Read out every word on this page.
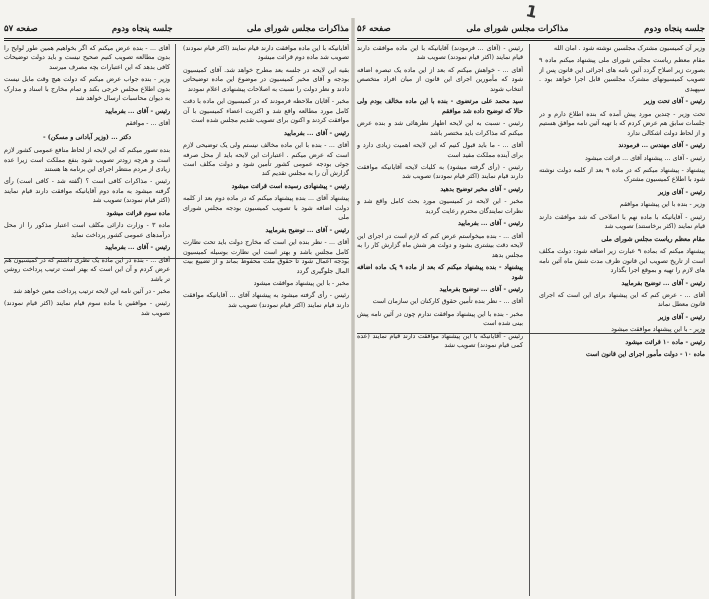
1
مذاکرات مجلس شورای ملی
جلسه پنجاه ودوم
صفحه ۵۷

آقایانیکه با این ماده موافقت دارند قیام نمایند (اکثر قیام نمودند) تصویب شد ماده دوم قرائت میشود

بقیه این لایحه در جلسه بعد مطرح خواهد شد. آقای کمیسیون بودجه و آقای مخبر کمیسیون در موضوع این ماده توضیحاتی دادند و نظر دولت را نسبت به اصلاحات پیشنهادی اعلام نمودند

مخبر - آقایان ملاحظه فرمودند که در کمیسیون این ماده با دقت کامل مورد مطالعه واقع شد و اکثریت اعضاء کمیسیون با آن موافقت کردند و اکنون برای تصویب تقدیم مجلس شده است

رئیس - آقای ... بفرمایید

آقای ... - بنده با این ماده مخالف نیستم ولی یک توضیحی لازم است که عرض میکنم . اعتبارات این لایحه باید از محل صرفه جوئی بودجه عمومی کشور تأمین شود و دولت مکلف است گزارش آن را به مجلس تقدیم کند

رئیس - پیشنهادی رسیده است قرائت میشود

پیشنهاد آقای ... بنده پیشنهاد میکنم که در ماده دوم بعد از کلمه دولت اضافه شود با تصویب کمیسیون بودجه مجلس شورای ملی

رئیس - آقای ... توضیح بفرمایید

آقای ... - نظر بنده این است که مخارج دولت باید تحت نظارت کامل مجلس باشد و بهتر است این نظارت بوسیله کمیسیون بودجه اعمال شود تا حقوق ملت محفوظ بماند و از تضییع بیت المال جلوگیری گردد

مخبر - با این پیشنهاد موافقت میشود

رئیس - رأی گرفته میشود به پیشنهاد آقای ... آقایانیکه موافقت دارند قیام نمایند (اکثر قیام نمودند) تصویب شد

آقای ... - بنده عرض میکنم که اگر بخواهیم همین طور لوایح را بدون مطالعه تصویب کنیم صحیح نیست و باید دولت توضیحات کافی بدهد که این اعتبارات بچه مصرف میرسد

وزیر - بنده جواب عرض میکنم که دولت هیچ وقت مایل نیست بدون اطلاع مجلس خرجی بکند و تمام مخارج با اسناد و مدارک به دیوان محاسبات ارسال خواهد شد

رئیس - آقای ... بفرمایید

آقای ... - موافقم

دکتر ... (وزیر آبادانی و مسکن) -

بنده تصور میکنم که این لایحه از لحاظ منافع عمومی کشور لازم است و هرچه زودتر تصویب شود بنفع مملکت است زیرا عده زیادی از مردم منتظر اجرای این برنامه ها هستند

رئیس - مذاکرات کافی است ؟ (گفته شد - کافی است) رأی گرفته میشود به ماده دوم آقایانیکه موافقت دارند قیام نمایند (اکثر قیام نمودند) تصویب شد

ماده سوم قرائت میشود

ماده ۳ - وزارت دارائی مکلف است اعتبار مذکور را از محل درآمدهای عمومی کشور پرداخت نماید

رئیس - آقای ... بفرمایید

آقای ... - بنده در این ماده یک نظری داشتم که در کمیسیون هم عرض کردم و آن این است که بهتر است ترتیب پرداخت روشن تر باشد

مخبر - در آئین نامه این لایحه ترتیب پرداخت معین خواهد شد

رئیس - موافقین با ماده سوم قیام نمایند (اکثر قیام نمودند) تصویب شد

جلسه پنجاه ودوم
مذاکرات مجلس شورای ملی
صفحه ۵۶

وزیر آن کمیسیون مشترک مجلسین نوشته شود . امان الله

مقام معظم ریاست مجلس شورای ملی پیشنهاد میکنم ماده ۹ بصورت زیر اصلاح گردد آئین نامه های اجرائی این قانون پس از تصویب کمیسیونهای مشترک مجلسین قابل اجرا خواهد بود . سپهبدی

رئیس - آقای تحت وزیر

تحت وزیر - چندین مورد پیش آمده که بنده اطلاع دارم و در جلسات سابق هم عرض کردم که با تهیه آئین نامه موافق هستیم و از لحاظ دولت اشکالی ندارد

رئیس - آقای مهندس ... فرمودند

رئیس - آقای ... پیشنهاد آقای ... قرائت میشود

پیشنهاد - پیشنهاد میکنم که در ماده ۹ بعد از کلمه دولت نوشته شود با اطلاع کمیسیون مشترک

رئیس - آقای وزیر

وزیر - بنده با این پیشنهاد موافقم

رئیس - آقایانیکه با ماده نهم با اصلاحی که شد موافقت دارند قیام نمایند (اکثر برخاستند) تصویب شد

مقام معظم ریاست مجلس شورای ملی

پیشنهاد میکنم که بماده ۹ عبارت زیر اضافه شود: دولت مکلف است از تاریخ تصویب این قانون ظرف مدت شش ماه آئین نامه های لازم را تهیه و بموقع اجرا بگذارد

رئیس - آقای ... توضیح بفرمایید

آقای ... - عرض کنم که این پیشنهاد برای این است که اجرای قانون معطل نماند

رئیس - آقای وزیر

وزیر - با این پیشنهاد موافقت میشود

رئیس - ماده ۱۰ قرائت میشود

ماده ۱۰ - دولت مأمور اجرای این قانون است

رئیس - (آقای ... فرمودند) آقایانیکه با این ماده موافقت دارند قیام نمایند (اکثر قیام نمودند) تصویب شد

آقای ... - خواهش میکنم که بعد از این ماده یک تبصره اضافه شود که مأمورین اجرای این قانون از میان افراد متخصص انتخاب شوند

سید محمد علی مرتضوی - بنده با این ماده مخالف بودم ولی حالا که توضیح داده شد موافقم

رئیس - نسبت به این لایحه اظهار نظرهائی شد و بنده عرض میکنم که مذاکرات باید مختصر باشد

آقای ... - ما باید قبول کنیم که این لایحه اهمیت زیادی دارد و برای آینده مملکت مفید است

رئیس - (رأی گرفته میشود) به کلیات لایحه آقایانیکه موافقت دارند قیام نمایند (اکثر قیام نمودند) تصویب شد

رئیس - آقای مخبر توضیح بدهید

مخبر - این لایحه در کمیسیون مورد بحث کامل واقع شد و نظرات نمایندگان محترم رعایت گردید

رئیس - آقای ... بفرمایید

آقای ... - بنده میخواستم عرض کنم که لازم است در اجرای این لایحه دقت بیشتری بشود و دولت هر شش ماه گزارش کار را به مجلس بدهد

پیشنهاد - بنده پیشنهاد میکنم که بعد از ماده ۹ یک ماده اضافه شود

رئیس - آقای ... توضیح بفرمایید

آقای ... - نظر بنده تأمین حقوق کارکنان این سازمان است

مخبر - بنده با این پیشنهاد موافقت ندارم چون در آئین نامه پیش بینی شده است

رئیس - آقایانیکه با این پیشنهاد موافقت دارند قیام نمایند (عده کمی قیام نمودند) تصویب نشد
